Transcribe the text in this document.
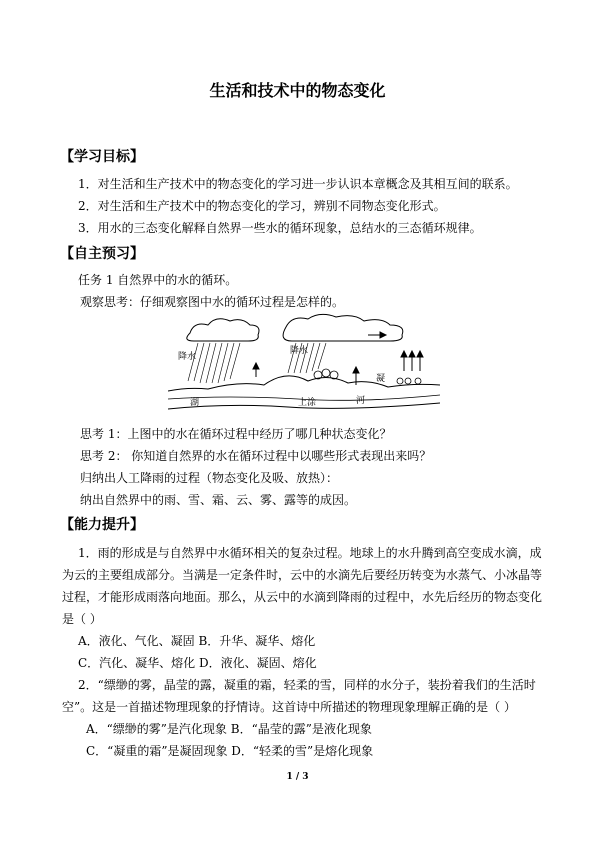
生活和技术中的物态变化
【学习目标】
1．对生活和生产技术中的物态变化的学习进一步认识本章概念及其相互间的联系。
2．对生活和生产技术中的物态变化的学习，辨别不同物态变化形式。
3．用水的三态变化解释自然界一些水的循环现象，总结水的三态循环规律。
【自主预习】
任务 1 自然界中的水的循环。
观察思考：仔细观察图中水的循环过程是怎样的。
降水
降水
凝
湖	上涂	河
思考 1：上图中的水在循环过程中经历了哪几种状态变化？
思考 2： 你知道自然界的水在循环过程中以哪些形式表现出来吗？
归纳出人工降雨的过程（物态变化及吸、放热）：
纳出自然界中的雨、雪、霜、云、雾、露等的成因。
【能力提升】
1．雨的形成是与自然界中水循环相关的复杂过程。地球上的水升腾到高空变成水滴，成
为云的主要组成部分。当满是一定条件时，云中的水滴先后要经历转变为水蒸气、小冰晶等
过程，才能形成雨落向地面。那么，从云中的水滴到降雨的过程中，水先后经历的物态变化
是（ ）
A．液化、气化、凝固 B．升华、凝华、熔化
C．汽化、凝华、熔化 D．液化、凝固、熔化
2．“缥缈的雾，晶莹的露，凝重的霜，轻柔的雪，同样的水分子，装扮着我们的生活时
空”。这是一首描述物理现象的抒情诗。这首诗中所描述的物理现象理解正确的是（ ）
A．“缥缈的雾”是汽化现象 B．“晶莹的露”是液化现象
C．“凝重的霜”是凝固现象 D．“轻柔的雪”是熔化现象
1 / 3
